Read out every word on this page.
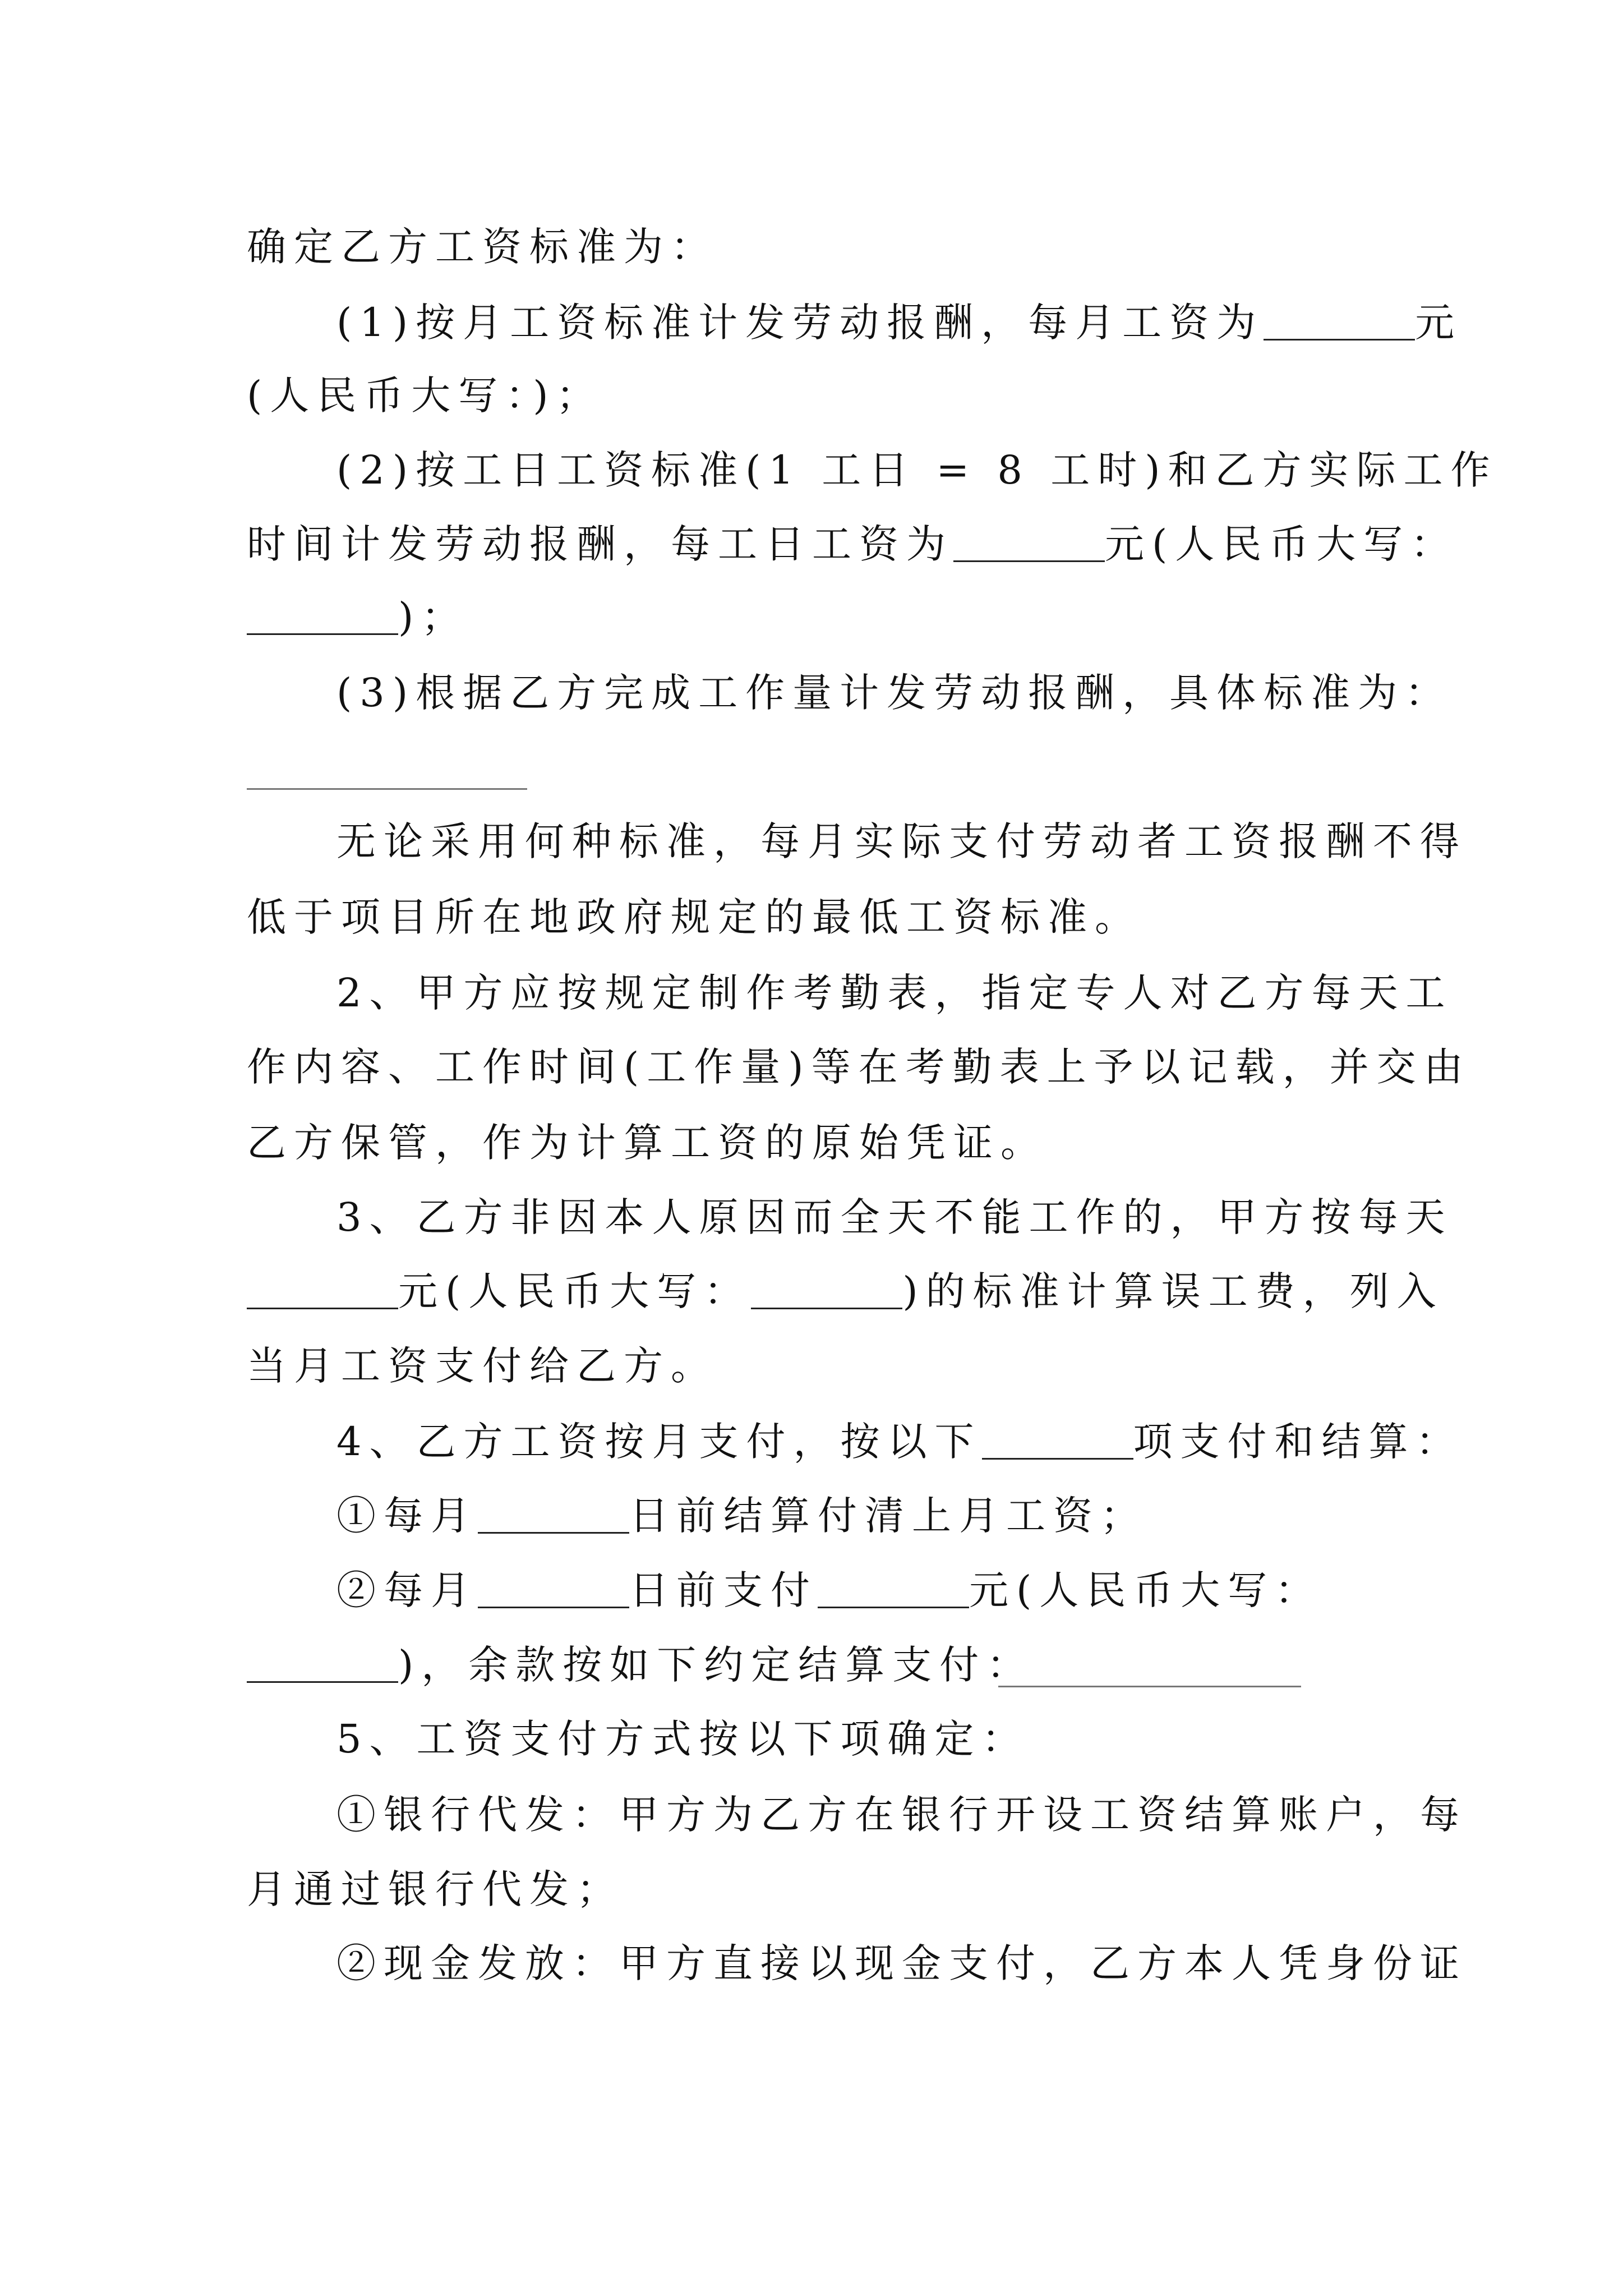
确定乙方工资标准为：
(1)按月工资标准计发劳动报酬，每月工资为	元
(人民币大写：)；
(2)按工日工资标准(1 工日 = 8 工时)和乙方实际工作
时间计发劳动报酬，每工日工资为	元(人民币大写：
)；
(3)根据乙方完成工作量计发劳动报酬，具体标准为：
无论采用何种标准，每月实际支付劳动者工资报酬不得
低于项目所在地政府规定的最低工资标准。
2、甲方应按规定制作考勤表，指定专人对乙方每天工
作内容、工作时间(工作量)等在考勤表上予以记载，并交由
乙方保管，作为计算工资的原始凭证。
3、乙方非因本人原因而全天不能工作的，甲方按每天
元(人民币大写：	)的标准计算误工费，列入
当月工资支付给乙方。
4、乙方工资按月支付，按以下	项支付和结算：
①每月	日前结算付清上月工资；
②每月	日前支付	元(人民币大写：
)，余款按如下约定结算支付：
5、工资支付方式按以下项确定：
①银行代发：甲方为乙方在银行开设工资结算账户，每
月通过银行代发；
②现金发放：甲方直接以现金支付，乙方本人凭身份证
